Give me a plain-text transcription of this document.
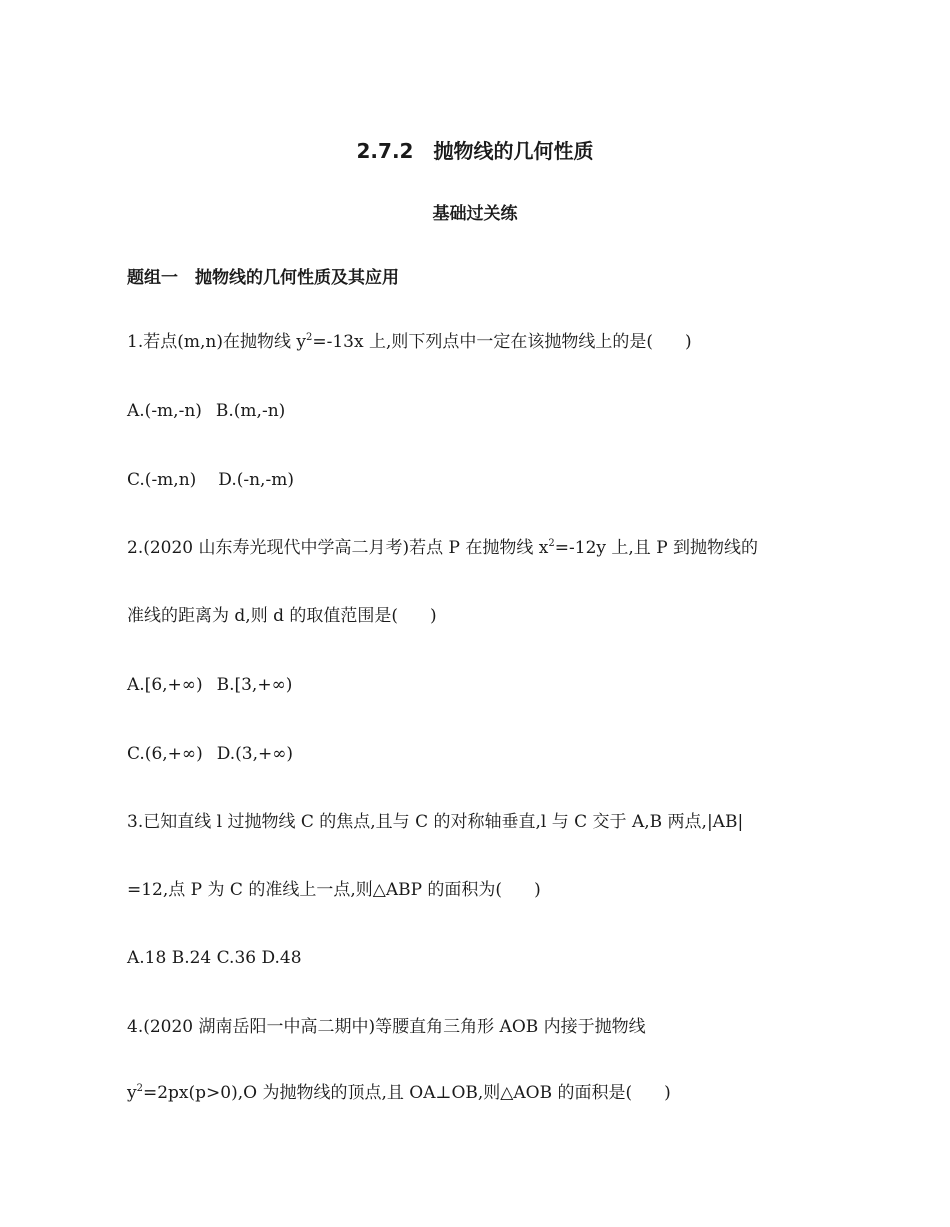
2.7.2　抛物线的几何性质
基础过关练
题组一　抛物线的几何性质及其应用
1.若点(m,n)在抛物线 $y^2=-13x$ 上,则下列点中一定在该抛物线上的是( )
A.(-m,-n) B.(m,-n)
C.(-m,n) D.(-n,-m)
2.(2020 山东寿光现代中学高二月考)若点 P 在抛物线 $x^2=-12y$ 上,且 P 到抛物线的
准线的距离为 d,则 d 的取值范围是( )
A.[6,+∞) B.[3,+∞)
C.(6,+∞) D.(3,+∞)
3.已知直线 l 过抛物线 C 的焦点,且与 C 的对称轴垂直,l 与 C 交于 A,B 两点,|AB|
=12,点 P 为 C 的准线上一点,则△ABP 的面积为( )
A.18 B.24 C.36 D.48
4.(2020 湖南岳阳一中高二期中)等腰直角三角形 AOB 内接于抛物线
$y^2=2px(p>0),O$ 为抛物线的顶点,且 OA⊥OB,则△AOB 的面积是( )
